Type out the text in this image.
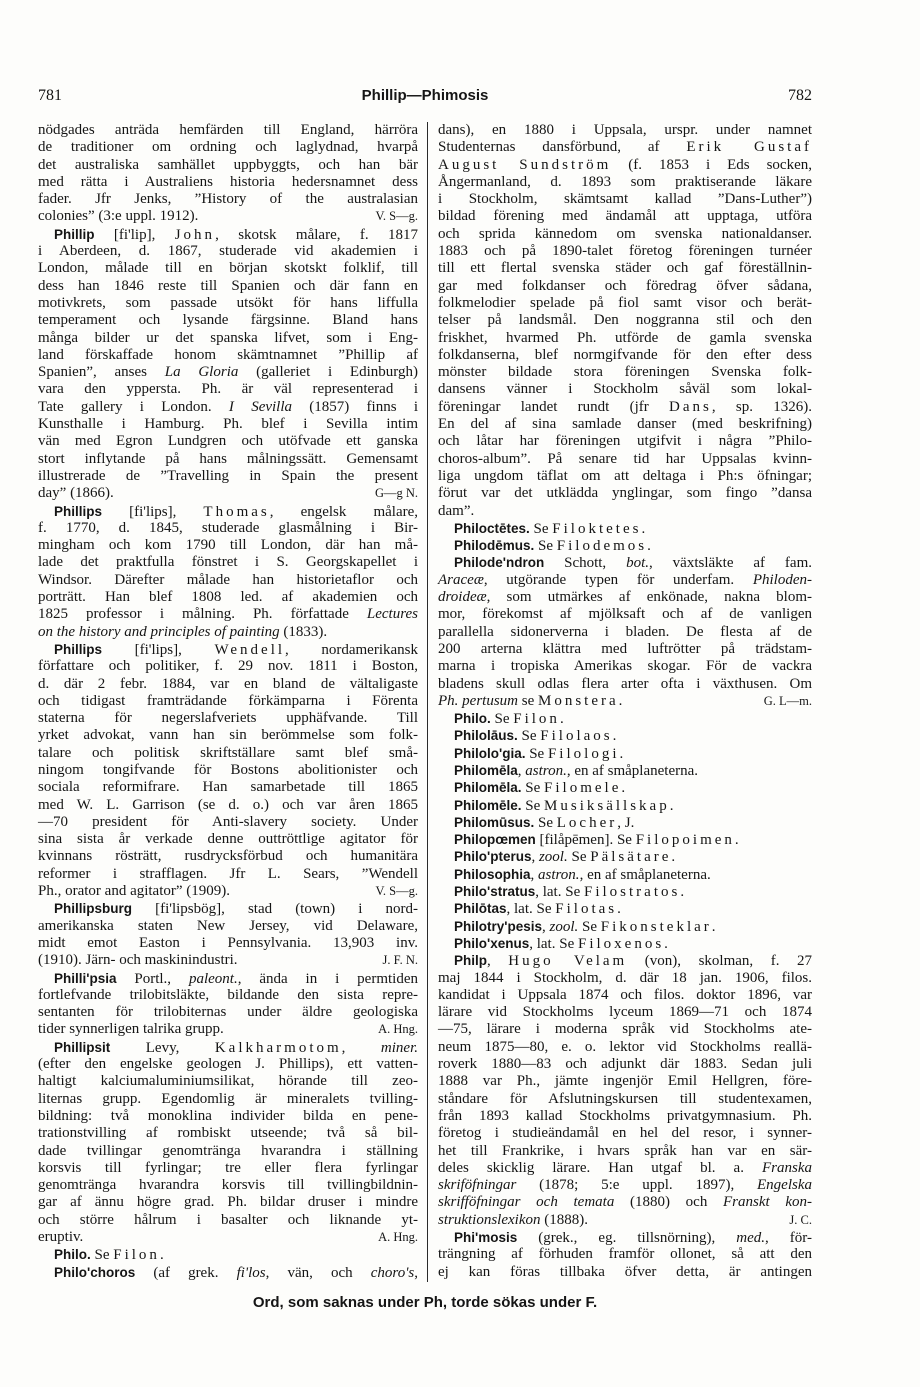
781	Phillip—Phimosis	782
nödgades anträda hemfärden till England, härröra
de traditioner om ordning och laglydnad, hvarpå
det australiska samhället uppbyggts, och han bär
med rätta i Australiens historia hedersnamnet dess
fader. Jfr Jenks, ”History of the australasian
colonies” (3:e uppl. 1912).	V. S—g.
Phillip [fi'lip], John, skotsk målare, f. 1817
i Aberdeen, d. 1867, studerade vid akademien i
London, målade till en början skotskt folklif, till
dess han 1846 reste till Spanien och där fann en
motivkrets, som passade utsökt för hans liffulla
temperament och lysande färgsinne. Bland hans
många bilder ur det spanska lifvet, som i Eng-
land förskaffade honom skämtnamnet ”Phillip af
Spanien”, anses La Gloria (galleriet i Edinburgh)
vara den yppersta. Ph. är väl representerad i
Tate gallery i London. I Sevilla (1857) finns i
Kunsthalle i Hamburg. Ph. blef i Sevilla intim
vän med Egron Lundgren och utöfvade ett ganska
stort inflytande på hans målningssätt. Gemensamt
illustrerade de ”Travelling in Spain the present
day” (1866).	G—g N.
Phillips [fi'lips], Thomas, engelsk målare,
f. 1770, d. 1845, studerade glasmålning i Bir-
mingham och kom 1790 till London, där han må-
lade det praktfulla fönstret i S. Georgskapellet i
Windsor. Därefter målade han historietaflor och
porträtt. Han blef 1808 led. af akademien och
1825 professor i målning. Ph. författade Lectures
on the history and principles of painting (1833).
Phillips [fi'lips], Wendell, nordamerikansk
författare och politiker, f. 29 nov. 1811 i Boston,
d. där 2 febr. 1884, var en bland de vältaligaste
och tidigast framträdande förkämparna i Förenta
staterna för negerslafveriets upphäfvande. Till
yrket advokat, vann han sin berömmelse som folk-
talare och politisk skriftställare samt blef små-
ningom tongifvande för Bostons abolitionister och
sociala reformifrare. Han samarbetade till 1865
med W. L. Garrison (se d. o.) och var åren 1865
—70 president för Anti-slavery society. Under
sina sista år verkade denne outtröttlige agitator för
kvinnans rösträtt, rusdrycksförbud och humanitära
reformer i strafflagen. Jfr L. Sears, ”Wendell
Ph., orator and agitator” (1909).	V. S—g.
Phillipsburg [fi'lipsbög], stad (town) i nord-
amerikanska staten New Jersey, vid Delaware,
midt emot Easton i Pennsylvania. 13,903 inv.
(1910). Järn- och maskinindustri.	J. F. N.
Philli'psia Portl., paleont., ända in i permtiden
fortlefvande trilobitsläkte, bildande den sista repre-
sentanten för trilobiternas under äldre geologiska
tider synnerligen talrika grupp.	A. Hng.
Phillipsit Levy, Kalkharmotom, miner.
(efter den engelske geologen J. Phillips), ett vatten-
haltigt kalciumaluminiumsilikat, hörande till zeo-
liternas grupp. Egendomlig är mineralets tvilling-
bildning: två monoklina individer bilda en pene-
trationstvilling af rombiskt utseende; två så bil-
dade tvillingar genomtränga hvarandra i ställning
korsvis till fyrlingar; tre eller flera fyrlingar
genomtränga hvarandra korsvis till tvillingbildnin-
gar af ännu högre grad. Ph. bildar druser i mindre
och större hålrum i basalter och liknande yt-
eruptiv.	A. Hng.
Philo. Se Filon.
Philo'choros (af grek. fi'los, vän, och choro's,
dans), en 1880 i Uppsala, urspr. under namnet
Studenternas dansförbund, af Erik Gustaf
August Sundström (f. 1853 i Eds socken,
Ångermanland, d. 1893 som praktiserande läkare
i Stockholm, skämtsamt kallad ”Dans-Luther”)
bildad förening med ändamål att upptaga, utföra
och sprida kännedom om svenska nationaldanser.
1883 och på 1890-talet företog föreningen turnéer
till ett flertal svenska städer och gaf föreställnin-
gar med folkdanser och föredrag öfver sådana,
folkmelodier spelade på fiol samt visor och berät-
telser på landsmål. Den noggranna stil och den
friskhet, hvarmed Ph. utförde de gamla svenska
folkdanserna, blef normgifvande för den efter dess
mönster bildade stora föreningen Svenska folk-
dansens vänner i Stockholm såväl som lokal-
föreningar landet rundt (jfr Dans, sp. 1326).
En del af sina samlade danser (med beskrifning)
och låtar har föreningen utgifvit i några ”Philo-
choros-album”. På senare tid har Uppsalas kvinn-
liga ungdom täflat om att deltaga i Ph:s öfningar;
förut var det utklädda ynglingar, som fingo ”dansa
dam”.
Philoctētes. Se Filoktetes.
Philodēmus. Se Filodemos.
Philode'ndron Schott, bot., växtsläkte af fam.
Araceæ, utgörande typen för underfam. Philoden-
droideæ, som utmärkes af enkönade, nakna blom-
mor, förekomst af mjölksaft och af de vanligen
parallella sidonerverna i bladen. De flesta af de
200 arterna klättra med luftrötter på trädstam-
marna i tropiska Amerikas skogar. För de vackra
bladens skull odlas flera arter ofta i växthusen. Om
Ph. pertusum se Monstera.	G. L—m.
Philo. Se Filon.
Philolāus. Se Filolaos.
Philolo'gia. Se Filologi.
Philomēla, astron., en af småplaneterna.
Philomēla. Se Filomele.
Philomēle. Se Musiksällskap.
Philomūsus. Se Locher, J.
Philopœmen [filåpēmen]. Se Filopoimen.
Philo'pterus, zool. Se Pälsätare.
Philosophia, astron., en af småplaneterna.
Philo'stratus, lat. Se Filostratos.
Philōtas, lat. Se Filotas.
Philotry'pesis, zool. Se Fikonsteklar.
Philo'xenus, lat. Se Filoxenos.
Philp, Hugo Velam (von), skolman, f. 27
maj 1844 i Stockholm, d. där 18 jan. 1906, filos.
kandidat i Uppsala 1874 och filos. doktor 1896, var
lärare vid Stockholms lyceum 1869—71 och 1874
—75, lärare i moderna språk vid Stockholms ate-
neum 1875—80, e. o. lektor vid Stockholms reallä-
roverk 1880—83 och adjunkt där 1883. Sedan juli
1888 var Ph., jämte ingenjör Emil Hellgren, före-
ståndare för Afslutningskursen till studentexamen,
från 1893 kallad Stockholms privatgymnasium. Ph.
företog i studieändamål en hel del resor, i synner-
het till Frankrike, i hvars språk han var en sär-
deles skicklig lärare. Han utgaf bl. a. Franska
skriföfningar (1878; 5:e uppl. 1897), Engelska
skrifföfningar och temata (1880) och Franskt kon-
struktionslexikon (1888).	J. C.
Phi'mosis (grek., eg. tillsnörning), med., för-
trängning af förhuden framför ollonet, så att den
ej kan föras tillbaka öfver detta, är antingen
Ord, som saknas under Ph, torde sökas under F.
